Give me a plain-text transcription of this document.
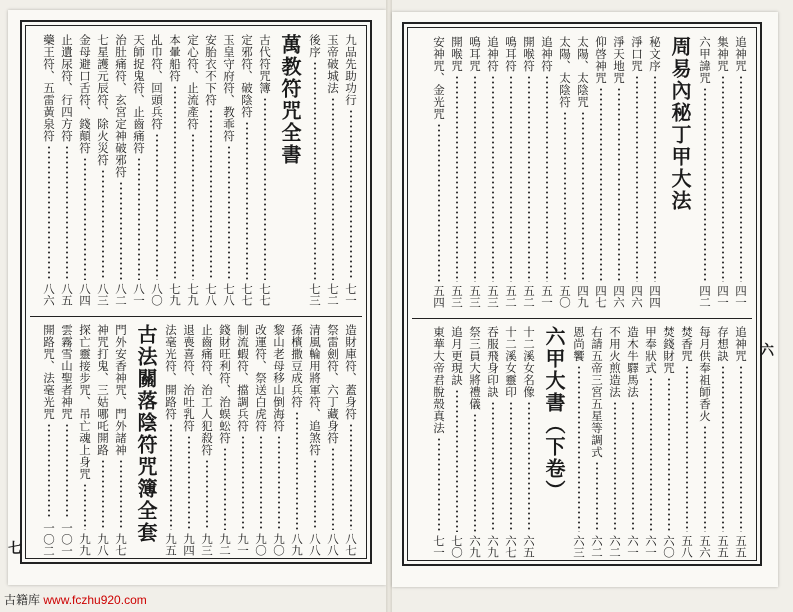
九品先助功行
七一
玉帝破城法
七二
後序
七三
萬教符咒全書
古代符咒簿
七七
定邪符、破陰符
七七
玉皇守府符、教乖符
七八
安胎衣不下符
七八
定心符、止流產符
七九
本暈船符
七九
乩巾符、回頭兵符
八〇
天師捉鬼符、止齒痛符
八一
治肚痛符、玄宮定神破邪符
八二
七星護元辰符、除火災符
八三
金母避口舌符、錢顛符
八四
止遺尿符、行四方符
八五
藥王符、五雷黃泉符
八六
造財庫符、蓋身符
八七
祭雷劍符、六丁藏身符
八八
清風輪用將軍符、追煞符
八八
孫檳撒豆成兵符
八九
黎山老母移山倒海符
九〇
改運符、祭送白虎符
九〇
制流蝦符、擋調兵符
九一
錢財旺利符、治蜈蚣符
九二
止齒痛符、治工人犯殺符
九三
退喪喜符、治吐乳符
九四
法毫光符、開路符
九五
古法關落陰符咒簿全套
門外安香神咒、門外諸神
九七
神咒打鬼、三姑哪吒開路
九八
探亡靈接步咒、吊亡魂上身咒
九九
雲霧雪山聖者神咒
一〇一
開路咒、法毫光咒
一〇二
七
追神咒
四一
集神咒
四一
六甲諱咒
四二
周易內秘丁甲大法
秘文序
四四
淨口咒
四六
淨天地咒
四六
仰啓神咒
四七
太陽、太陰咒
四九
太陽、太陰符
五〇
追神符
五一
開喉符
五二
鳴耳符
五二
追神符
五三
鳴耳咒
五三
開喉咒
五三
安神咒、金光咒
五四
追神咒
五五
存想訣
五五
每月供奉祖師香火
五六
焚香咒
五八
焚錢財咒
六〇
甲奉狀式
六一
造木牛驛馬法
六一
不用火煎造法
六二
右請五帝三宮五星等調式
六二
恩尚饗
六三
六甲大書（下卷）
十二溪女名像
六五
十二溪女靈印
六七
吞服飛身印訣
六九
祭三員大將禮儀
六九
追月更現訣
七〇
東華大帝君脫殼真法
七一
六
古籍库 www.fczhu920.com
